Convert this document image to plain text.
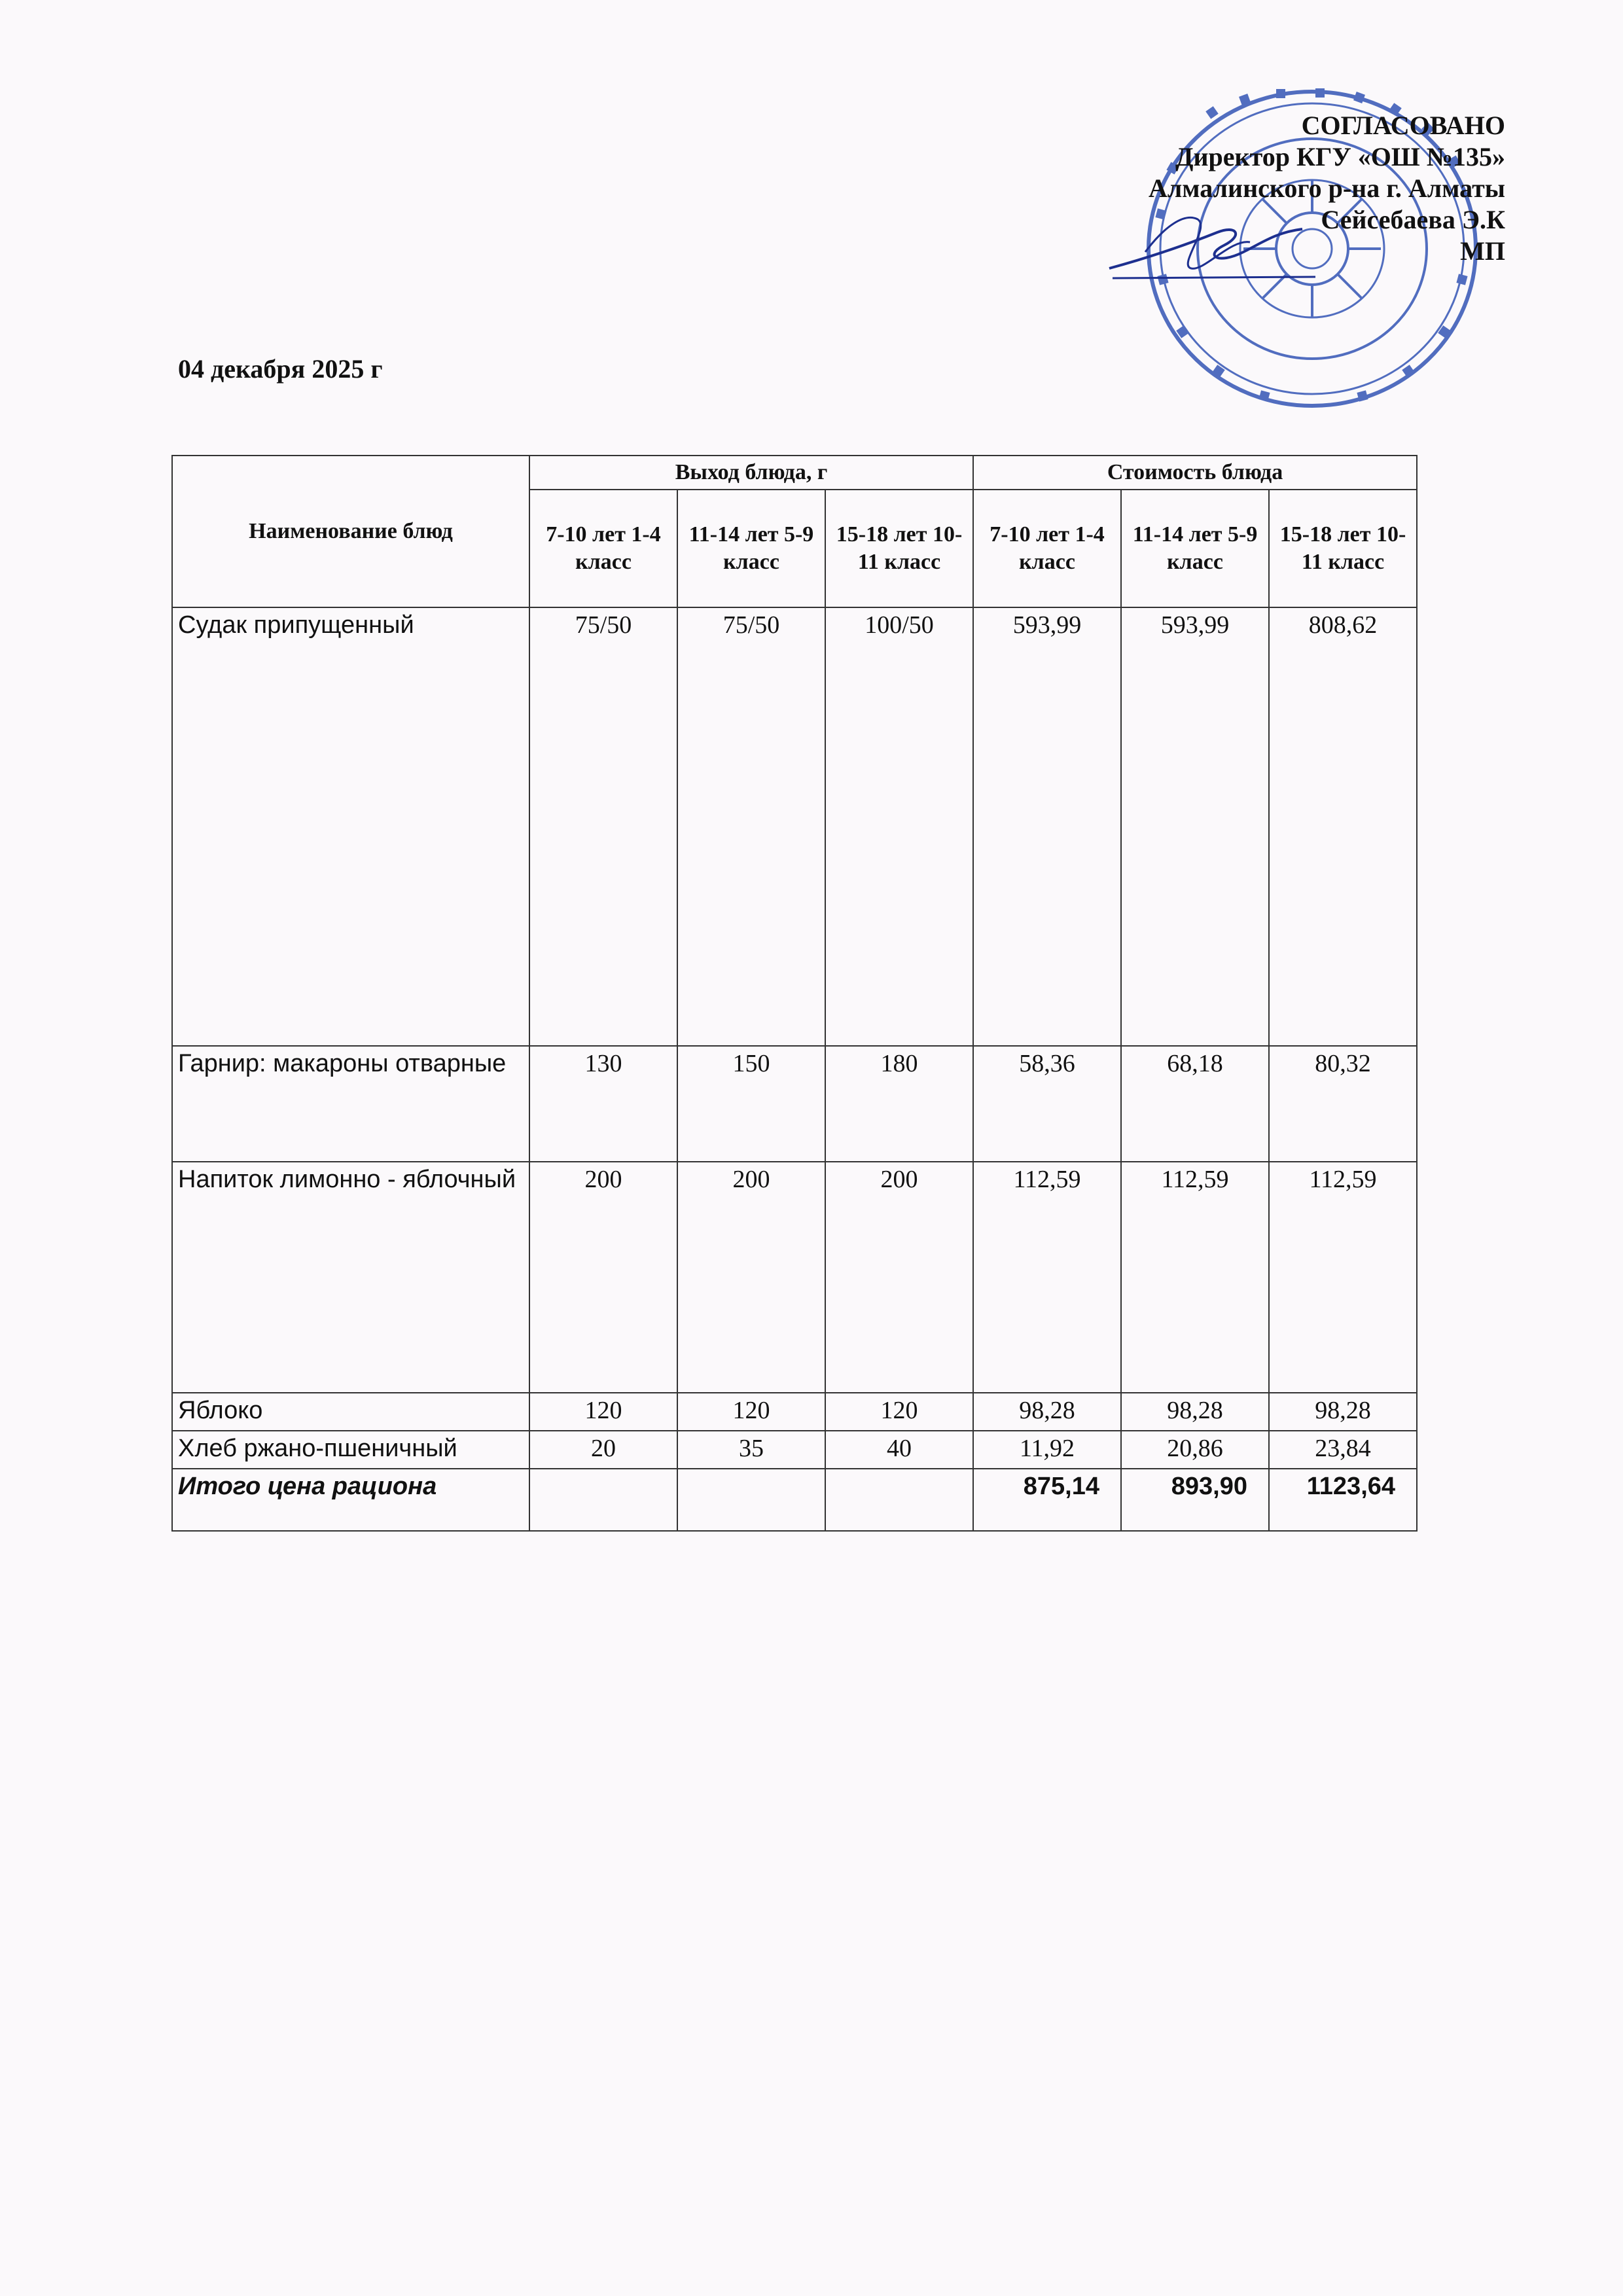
СОГЛАСОВАНО
Директор КГУ «ОШ №135»
Алмалинского р-на г. Алматы
Сейсебаева Э.К
МП
04 декабря 2025 г
Наименование блюд	Выход блюда, г			Стоимость блюда		
	7-10 лет 1-4 класс	11-14 лет 5-9 класс	15-18 лет 10-11 класс	7-10 лет 1-4 класс	11-14 лет 5-9 класс	15-18 лет 10-11 класс
Судак припущенный	75/50	75/50	100/50	593,99	593,99	808,62
Гарнир: макароны отварные	130	150	180	58,36	68,18	80,32
Напиток лимонно - яблочный	200	200	200	112,59	112,59	112,59
Яблоко	120	120	120	98,28	98,28	98,28
Хлеб ржано-пшеничный	20	35	40	11,92	20,86	23,84
Итого цена рациона				875,14	893,90	1123,64
